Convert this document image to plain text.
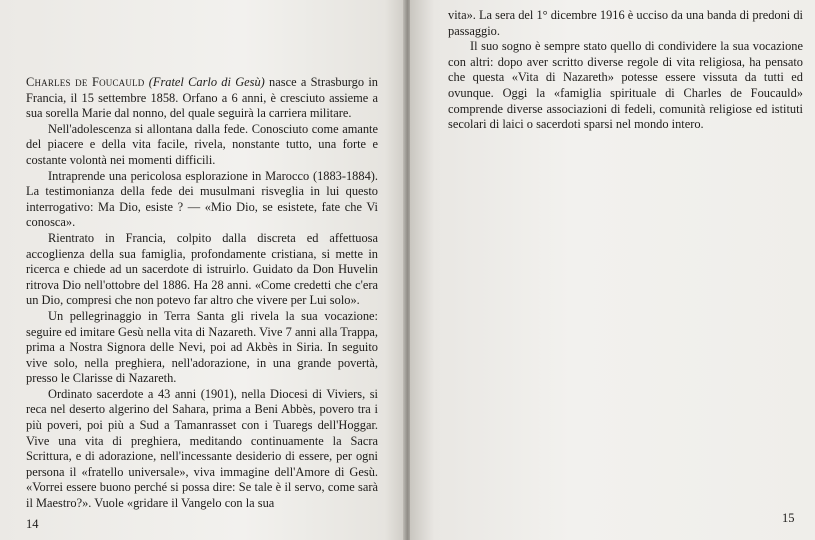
Charles de Foucauld (Fratel Carlo di Gesù) nasce a Strasburgo in Francia, il 15 settembre 1858. Orfano a 6 anni, è cresciuto assieme a sua sorella Marie dal nonno, del quale seguirà la carriera militare.

Nell'adolescenza si allontana dalla fede. Conosciuto come amante del piacere e della vita facile, rivela, nonstante tutto, una forte e costante volontà nei momenti difficili.

Intraprende una pericolosa esplorazione in Marocco (1883-1884). La testimonianza della fede dei musulmani risveglia in lui questo interrogativo: Ma Dio, esiste ? — «Mio Dio, se esistete, fate che Vi conosca».

Rientrato in Francia, colpito dalla discreta ed affettuosa accoglienza della sua famiglia, profondamente cristiana, si mette in ricerca e chiede ad un sacerdote di istruirlo. Guidato da Don Huvelin ritrova Dio nell'ottobre del 1886. Ha 28 anni. «Come credetti che c'era un Dio, compresi che non potevo far altro che vivere per Lui solo».

Un pellegrinaggio in Terra Santa gli rivela la sua vocazione: seguire ed imitare Gesù nella vita di Nazareth. Vive 7 anni alla Trappa, prima a Nostra Signora delle Nevi, poi ad Akbès in Siria. In seguito vive solo, nella preghiera, nell'adorazione, in una grande povertà, presso le Clarisse di Nazareth.

Ordinato sacerdote a 43 anni (1901), nella Diocesi di Viviers, si reca nel deserto algerino del Sahara, prima a Beni Abbès, povero tra i più poveri, poi più a Sud a Tamanrasset con i Tuaregs dell'Hoggar. Vive una vita di preghiera, meditando continuamente la Sacra Scrittura, e di adorazione, nell'incessante desiderio di essere, per ogni persona il «fratello universale», viva immagine dell'Amore di Gesù. «Vorrei essere buono perché si possa dire: Se tale è il servo, come sarà il Maestro?». Vuole «gridare il Vangelo con la sua

vita». La sera del 1° dicembre 1916 è ucciso da una banda di predoni di passaggio.

Il suo sogno è sempre stato quello di condividere la sua vocazione con altri: dopo aver scritto diverse regole di vita religiosa, ha pensato che questa «Vita di Nazareth» potesse essere vissuta da tutti ed ovunque. Oggi la «famiglia spirituale di Charles de Foucauld» comprende diverse associazioni di fedeli, comunità religiose ed istituti secolari di laici o sacerdoti sparsi nel mondo intero.

14	15
